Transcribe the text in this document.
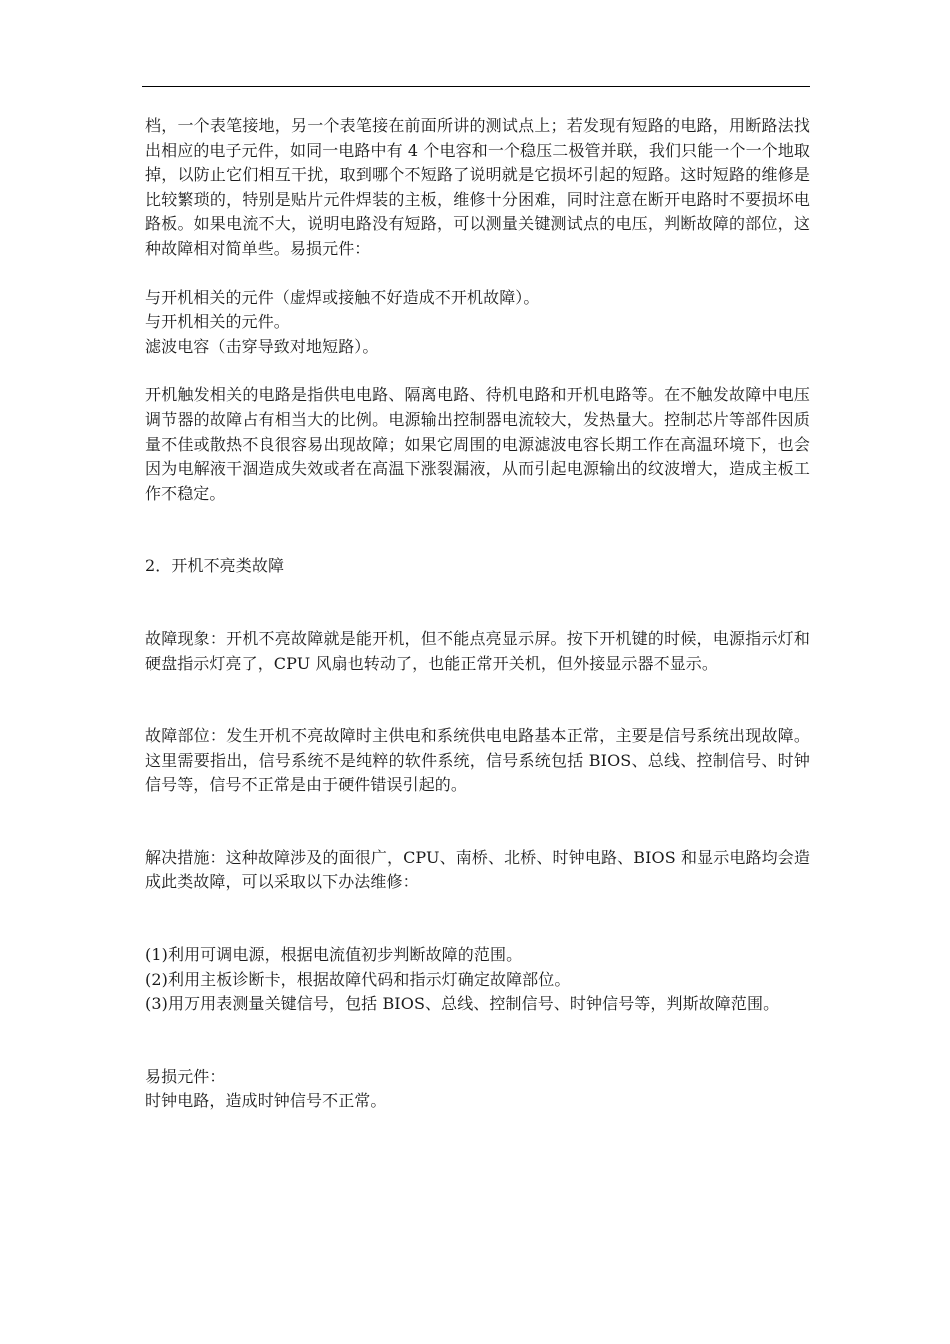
档，一个表笔接地，另一个表笔接在前面所讲的测试点上；若发现有短路的电路，用断路法找出相应的电子元件，如同一电路中有 4 个电容和一个稳压二极管并联，我们只能一个一个地取掉，以防止它们相互干扰，取到哪个不短路了说明就是它损坏引起的短路。这时短路的维修是比较繁琐的，特别是贴片元件焊装的主板，维修十分困难，同时注意在断开电路时不要损坏电路板。如果电流不大，说明电路没有短路，可以测量关键测试点的电压，判断故障的部位，这种故障相对简单些。易损元件：

与开机相关的元件（虚焊或接触不好造成不开机故障）。

与开机相关的元件。

滤波电容（击穿导致对地短路）。

开机触发相关的电路是指供电电路、隔离电路、待机电路和开机电路等。在不触发故障中电压调节器的故障占有相当大的比例。电源输出控制器电流较大，发热量大。控制芯片等部件因质量不佳或散热不良很容易出现故障；如果它周围的电源滤波电容长期工作在高温环境下，也会因为电解液干涸造成失效或者在高温下涨裂漏液，从而引起电源输出的纹波增大，造成主板工作不稳定。

2．开机不亮类故障

故障现象：开机不亮故障就是能开机，但不能点亮显示屏。按下开机键的时候，电源指示灯和硬盘指示灯亮了，CPU 风扇也转动了，也能正常开关机，但外接显示器不显示。

故障部位：发生开机不亮故障时主供电和系统供电电路基本正常，主要是信号系统出现故障。这里需要指出，信号系统不是纯粹的软件系统，信号系统包括 BIOS、总线、控制信号、时钟信号等，信号不正常是由于硬件错误引起的。

解决措施：这种故障涉及的面很广，CPU、南桥、北桥、时钟电路、BIOS 和显示电路均会造成此类故障，可以采取以下办法维修：

(1)利用可调电源，根据电流值初步判断故障的范围。

(2)利用主板诊断卡，根据故障代码和指示灯确定故障部位。

(3)用万用表测量关键信号，包括 BIOS、总线、控制信号、时钟信号等，判斯故障范围。

易损元件：

时钟电路，造成时钟信号不正常。
